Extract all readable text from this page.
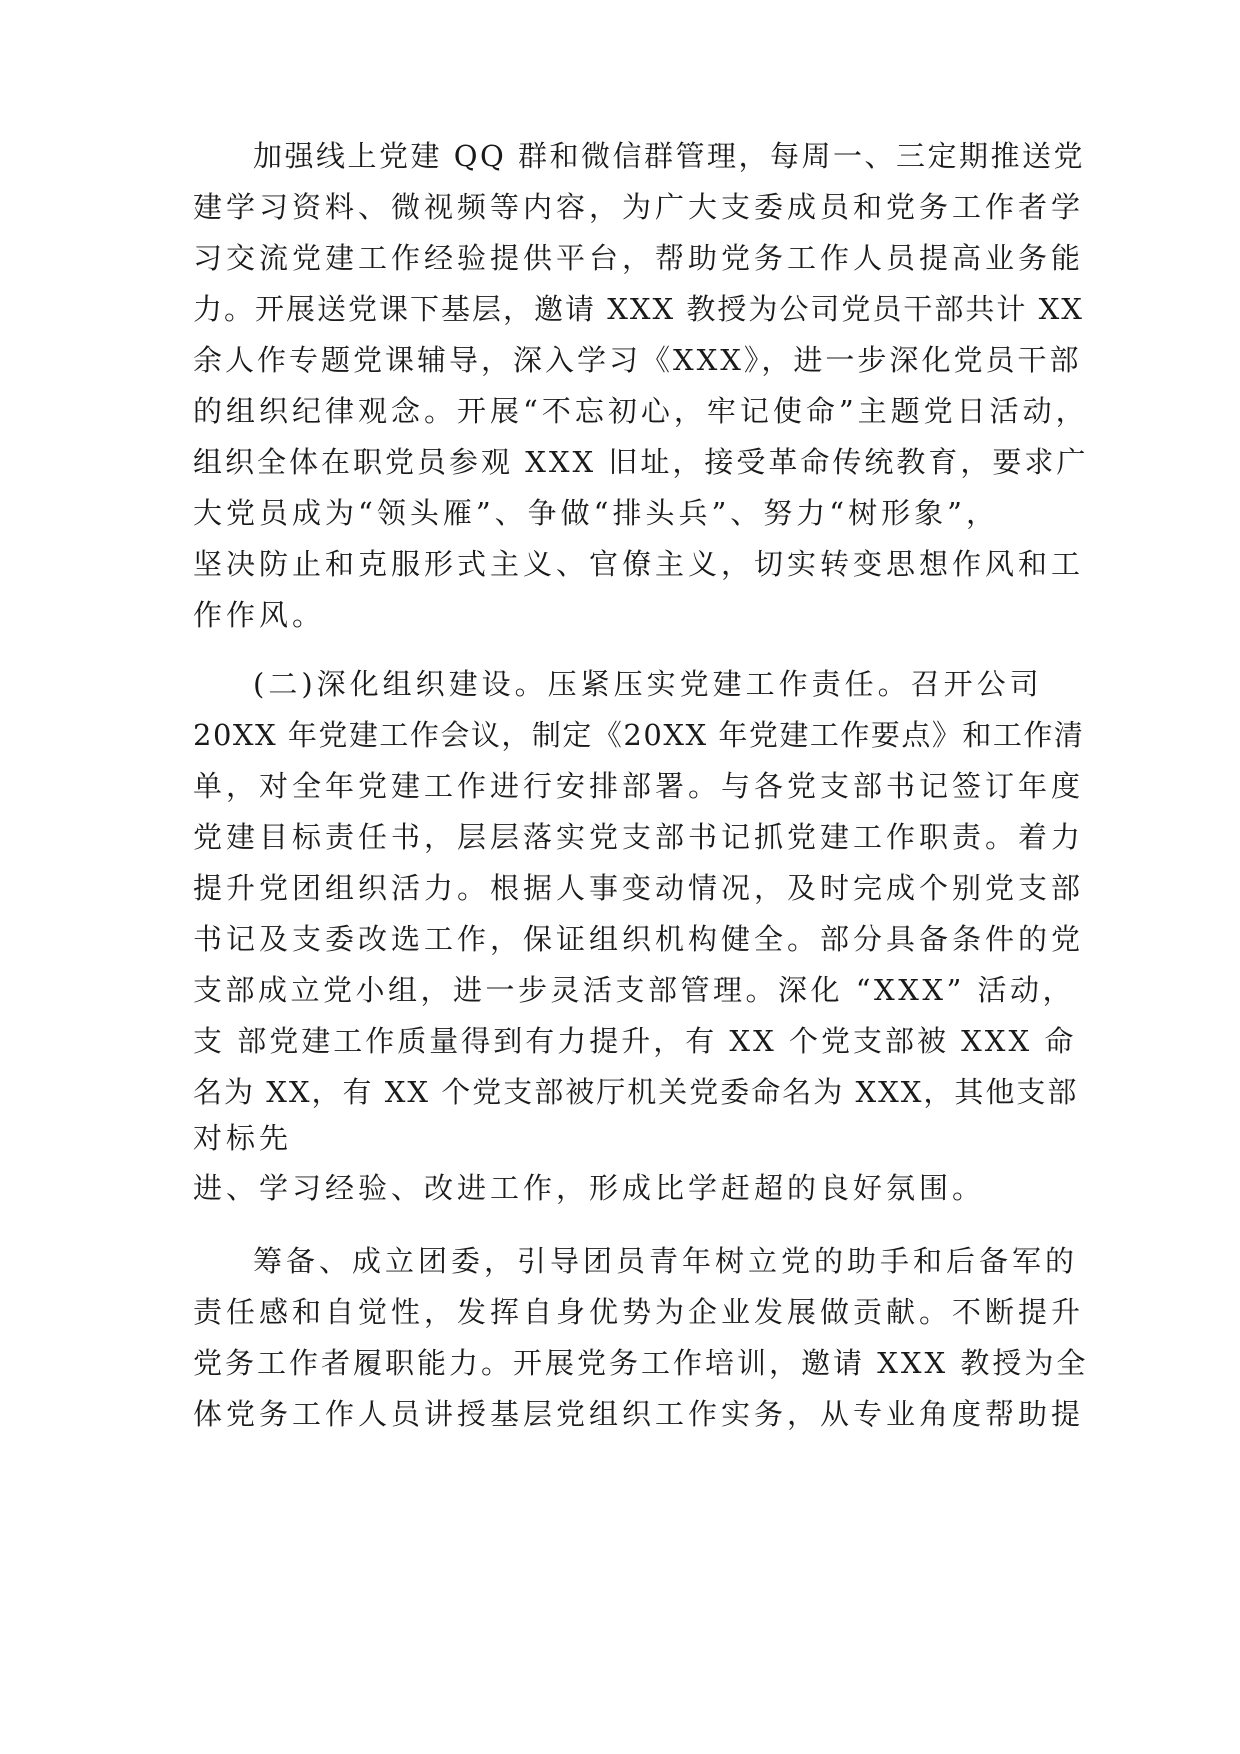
加强线上党建 QQ 群和微信群管理，每周一、三定期推送党
建学习资料、微视频等内容，为广大支委成员和党务工作者学
习交流党建工作经验提供平台，帮助党务工作人员提高业务能
力。开展送党课下基层，邀请 XXX 教授为公司党员干部共计 XX
余人作专题党课辅导，深入学习《XXX》，进一步深化党员干部
的组织纪律观念。开展“不忘初心，牢记使命”主题党日活动，
组织全体在职党员参观 XXX 旧址，接受革命传统教育，要求广
大党员成为“领头雁”、争做“排头兵”、努力“树形象”，
坚决防止和克服形式主义、官僚主义，切实转变思想作风和工
作作风。
(二)深化组织建设。压紧压实党建工作责任。召开公司
20XX 年党建工作会议，制定《20XX 年党建工作要点》和工作清
单，对全年党建工作进行安排部署。与各党支部书记签订年度
党建目标责任书，层层落实党支部书记抓党建工作职责。着力
提升党团组织活力。根据人事变动情况，及时完成个别党支部
书记及支委改选工作，保证组织机构健全。部分具备条件的党
支部成立党小组，进一步灵活支部管理。深化 “XXX” 活动，
支 部党建工作质量得到有力提升，有 XX 个党支部被 XXX 命
名为 XX，有 XX 个党支部被厅机关党委命名为 XXX，其他支部
对标先
进、学习经验、改进工作，形成比学赶超的良好氛围。
筹备、成立团委，引导团员青年树立党的助手和后备军的
责任感和自觉性，发挥自身优势为企业发展做贡献。不断提升
党务工作者履职能力。开展党务工作培训，邀请 XXX 教授为全
体党务工作人员讲授基层党组织工作实务，从专业角度帮助提
